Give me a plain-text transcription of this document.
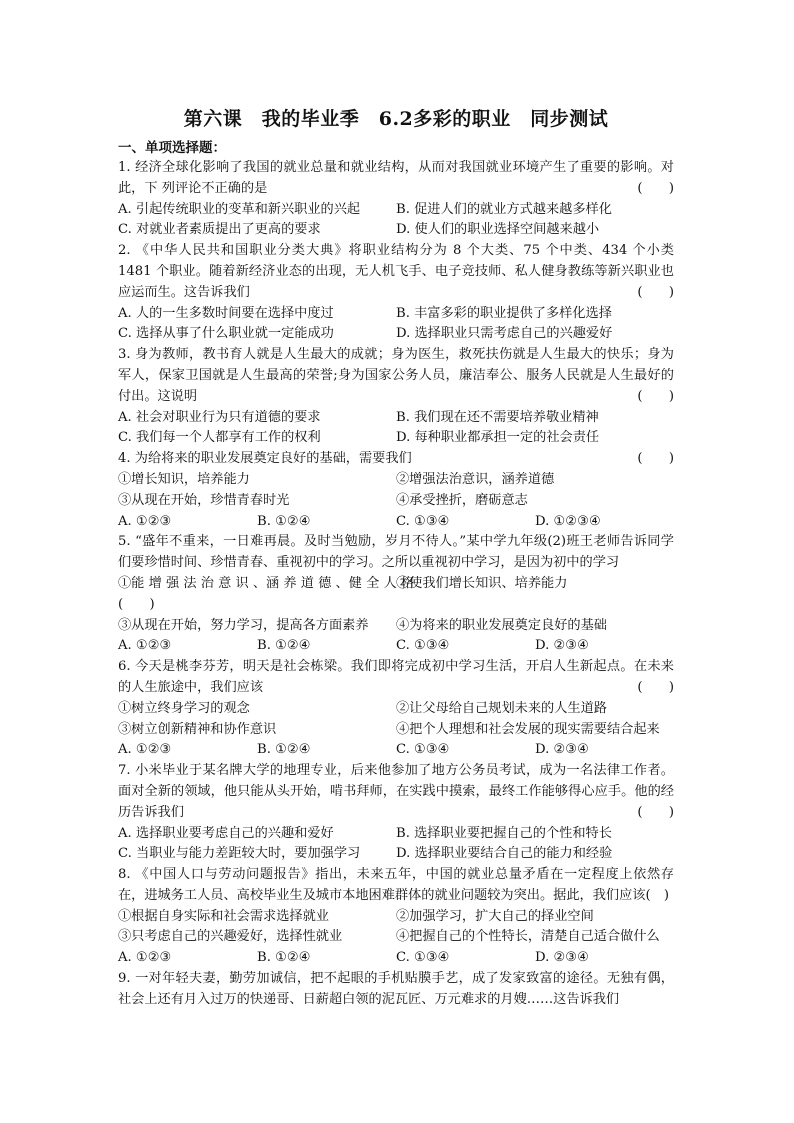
第六课　我的毕业季　6.2多彩的职业　同步测试
一、单项选择题：

1. 经济全球化影响了我国的就业总量和就业结构，从而对我国就业环境产生了重要的影响。对此，下 列评论不正确的是	(　　)

A. 引起传统职业的变革和新兴职业的兴起	B. 促进人们的就业方式越来越多样化
C. 对就业者素质提出了更高的要求	D. 使人们的职业选择空间越来越小

2. 《中华人民共和国职业分类大典》将职业结构分为 8 个大类、75 个中类、434 个小类 1481 个职业。随着新经济业态的出现，无人机飞手、电子竞技师、私人健身教练等新兴职业也应运而生。这告诉我们	(　　)

A. 人的一生多数时间要在选择中度过	B. 丰富多彩的职业提供了多样化选择
C. 选择从事了什么职业就一定能成功	D. 选择职业只需考虑自己的兴趣爱好

3. 身为教师，教书育人就是人生最大的成就；身为医生，救死扶伤就是人生最大的快乐；身为军人，保家卫国就是人生最高的荣誉;身为国家公务人员，廉洁奉公、服务人民就是人生最好的付出。这说明	(　　)

A. 社会对职业行为只有道德的要求	B. 我们现在还不需要培养敬业精神
C. 我们每一个人都享有工作的权利	D. 每种职业都承担一定的社会责任

4. 为给将来的职业发展奠定良好的基础，需要我们	(　　)

①增长知识，培养能力	②增强法治意识，涵养道德
③从现在开始，珍惜青春时光	④承受挫折，磨砺意志
A. ①②③	B. ①②④	C. ①③④	D. ①②③④

5. “盛年不重来，一日难再晨。及时当勉励，岁月不待人。”某中学九年级(2)班王老师告诉同学们要珍惜时间、珍惜青春、重视初中的学习。之所以重视初中学习，是因为初中的学习

①能 增 强 法 治 意 识 、涵 养 道 德 、健 全 人 格
②使我们增长知识、培养能力
(　　)
③从现在开始，努力学习，提高各方面素养	④为将来的职业发展奠定良好的基础
A. ①②③	B. ①②④	C. ①③④	D. ②③④

6. 今天是桃李芬芳，明天是社会栋梁。我们即将完成初中学习生活，开启人生新起点。在未来的人生旅途中，我们应该	(　　)

①树立终身学习的观念	②让父母给自己规划未来的人生道路
③树立创新精神和协作意识	④把个人理想和社会发展的现实需要结合起来
A. ①②③	B. ①②④	C. ①③④	D. ②③④

7. 小米毕业于某名牌大学的地理专业，后来他参加了地方公务员考试，成为一名法律工作者。面对全新的领域，他只能从头开始，啃书拜师，在实践中摸索，最终工作能够得心应手。他的经历告诉我们	(　　)

A. 选择职业要考虑自己的兴趣和爱好	B. 选择职业要把握自己的个性和特长
C. 当职业与能力差距较大时，要加强学习	D. 选择职业要结合自己的能力和经验

8. 《中国人口与劳动问题报告》指出，未来五年，中国的就业总量矛盾在一定程度上依然存在，进城务工人员、高校毕业生及城市本地困难群体的就业问题较为突出。据此，我们应该(　)

①根据自身实际和社会需求选择就业	②加强学习，扩大自己的择业空间
③只考虑自己的兴趣爱好，选择性就业	④把握自己的个性特长，清楚自己适合做什么
A. ①②③	B. ①②④	C. ①③④	D. ②③④

9. 一对年轻夫妻，勤劳加诚信，把不起眼的手机贴膜手艺，成了发家致富的途径。无独有偶，社会上还有月入过万的快递哥、日薪超白领的泥瓦匠、万元难求的月嫂……这告诉我们
